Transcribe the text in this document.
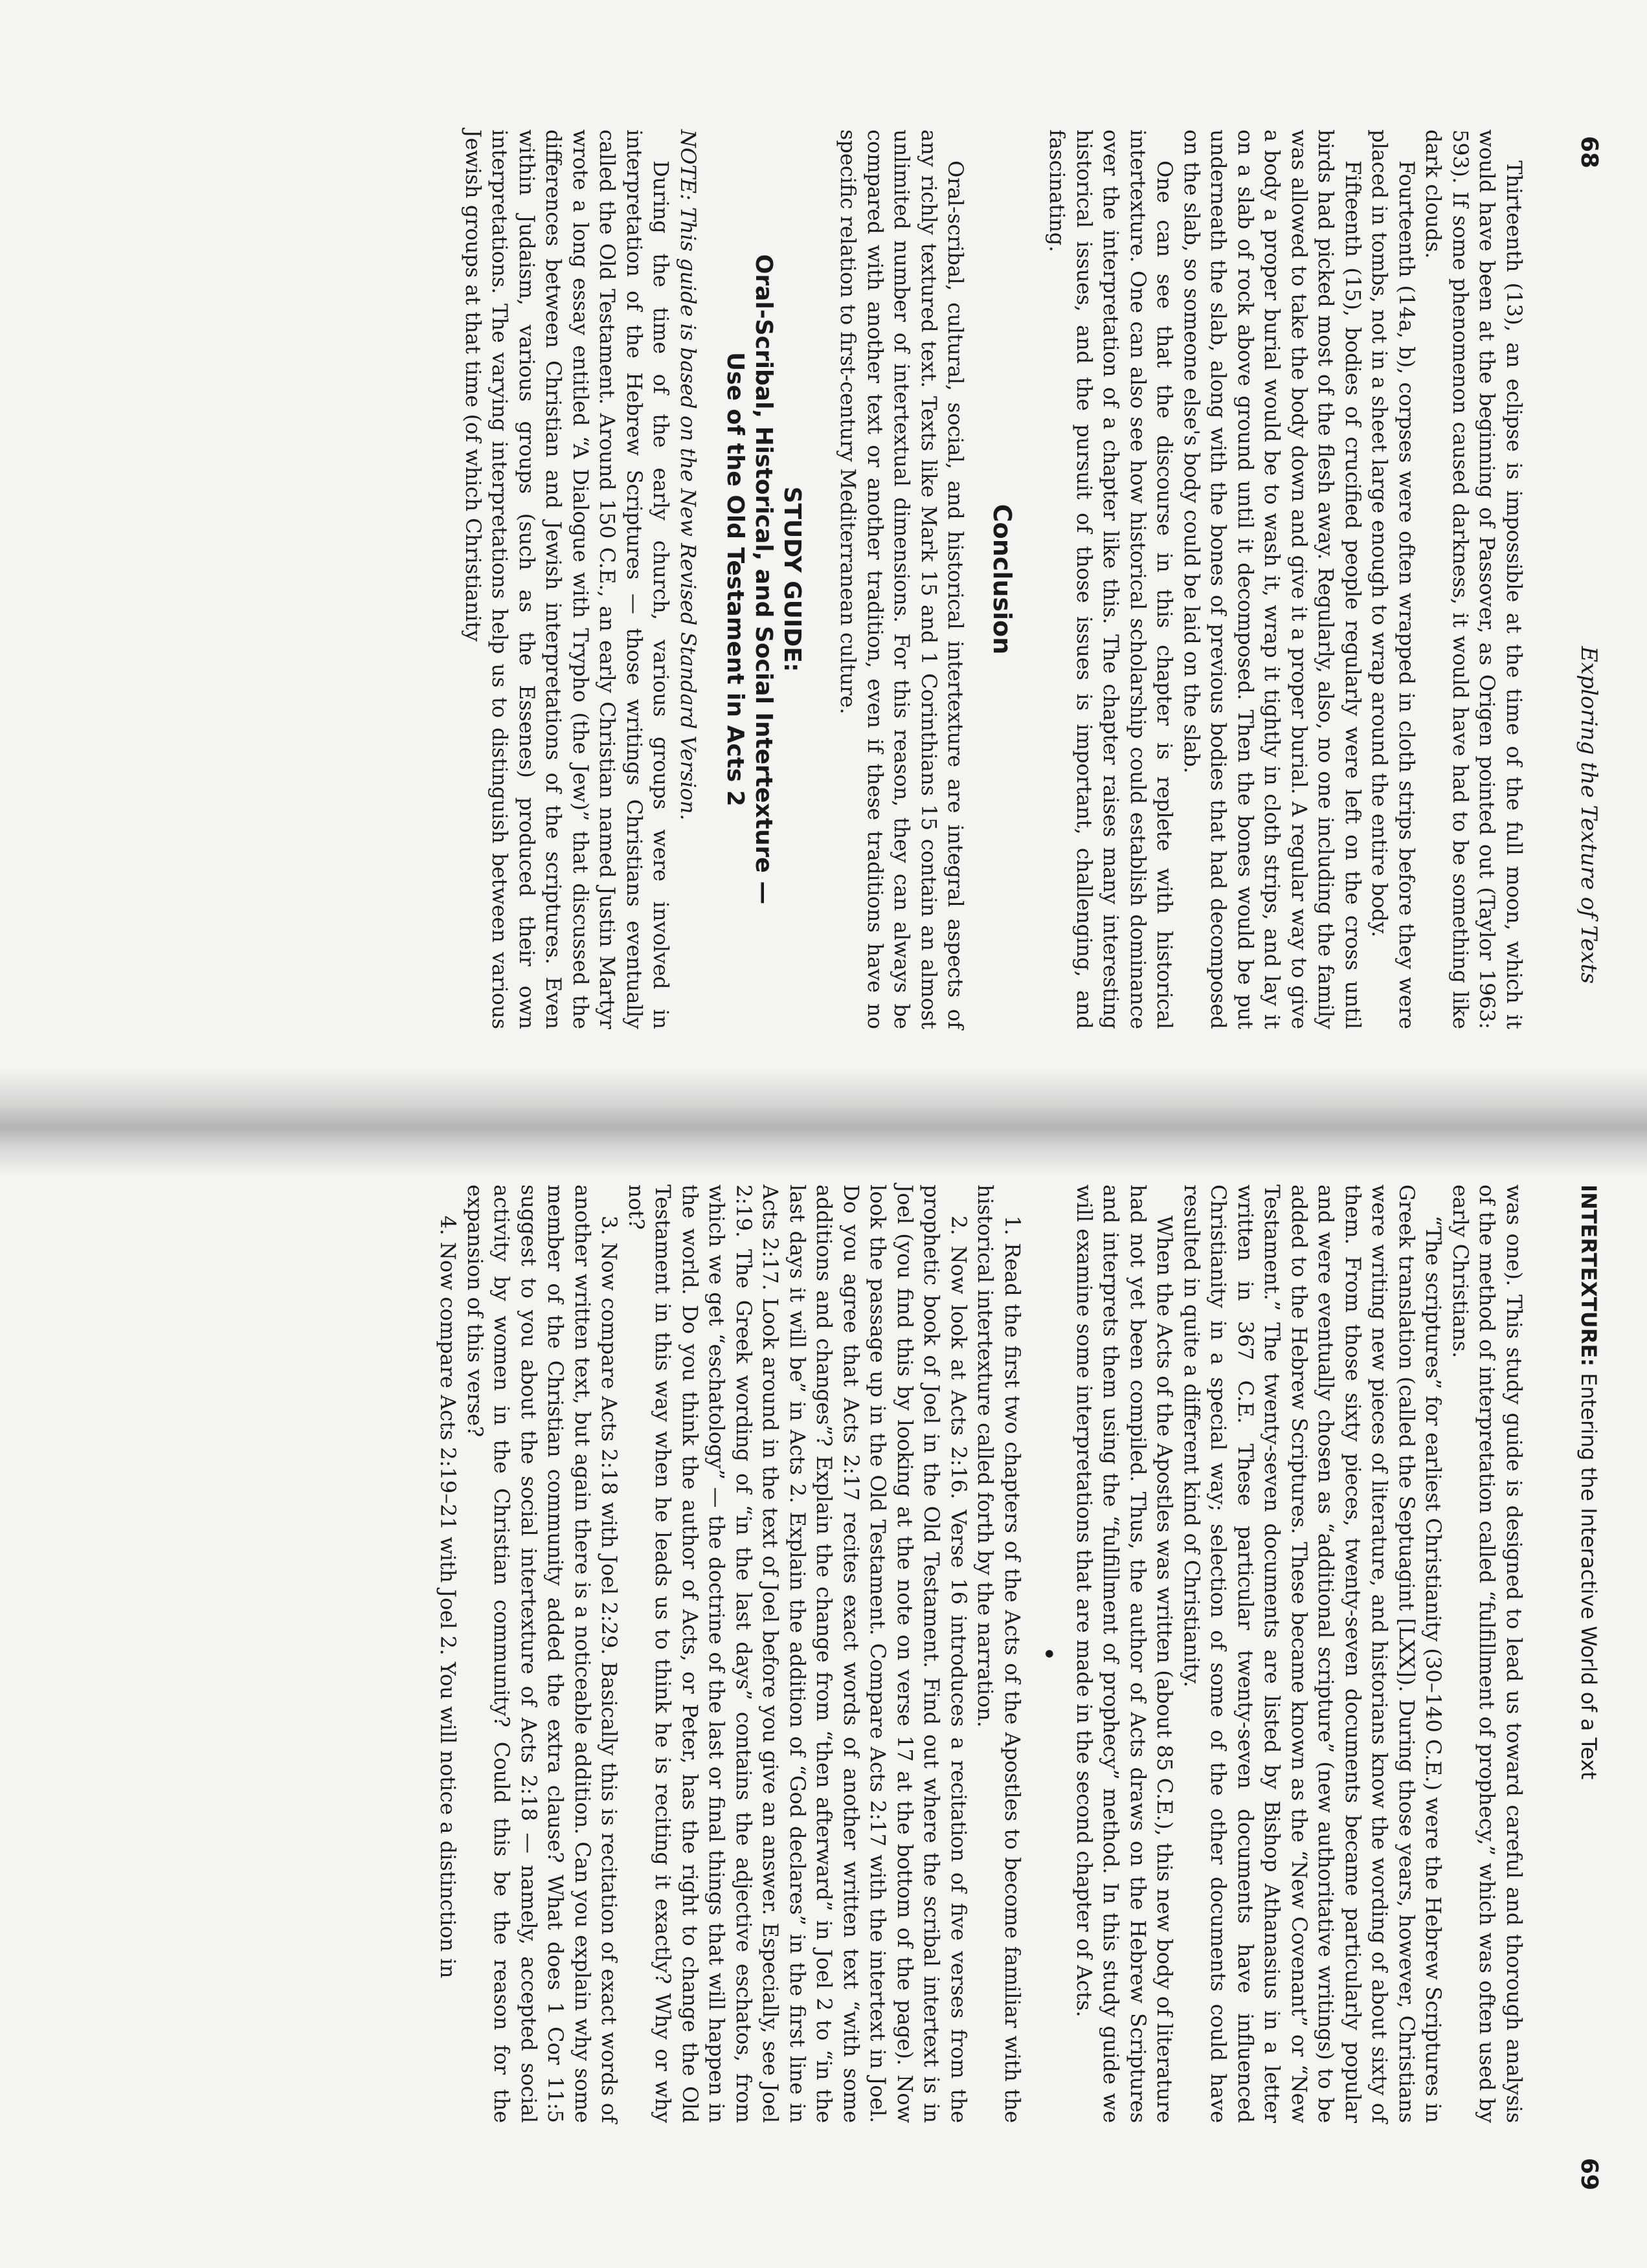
68
Exploring the Texture of Texts

Thirteenth (13), an eclipse is impossible at the time of the full moon, which it would have been at the beginning of Passover, as Origen pointed out (Taylor 1963: 593). If some phenomenon caused darkness, it would have had to be something like dark clouds.

Fourteenth (14a, b), corpses were often wrapped in cloth strips before they were placed in tombs, not in a sheet large enough to wrap around the entire body.

Fifteenth (15), bodies of crucified people regularly were left on the cross until birds had picked most of the flesh away. Regularly, also, no one including the family was allowed to take the body down and give it a proper burial. A regular way to give a body a proper burial would be to wash it, wrap it tightly in cloth strips, and lay it on a slab of rock above ground until it decomposed. Then the bones would be put underneath the slab, along with the bones of previous bodies that had decomposed on the slab, so someone else's body could be laid on the slab.

One can see that the discourse in this chapter is replete with historical intertexture. One can also see how historical scholarship could establish dominance over the interpretation of a chapter like this. The chapter raises many interesting historical issues, and the pursuit of those issues is important, challenging, and fascinating.

Conclusion

Oral-scribal, cultural, social, and historical intertexture are integral aspects of any richly textured text. Texts like Mark 15 and 1 Corinthians 15 contain an almost unlimited number of intertextual dimensions. For this reason, they can always be compared with another text or another tradition, even if these traditions have no specific relation to first-century Mediterranean culture.

STUDY GUIDE:
Oral-Scribal, Historical, and Social Intertexture —
Use of the Old Testament in Acts 2

NOTE: This guide is based on the New Revised Standard Version.

During the time of the early church, various groups were involved in interpretation of the Hebrew Scriptures — those writings Christians eventually called the Old Testament. Around 150 C.E., an early Christian named Justin Martyr wrote a long essay entitled “A Dialogue with Trypho (the Jew)” that discussed the differences between Christian and Jewish interpretations of the scriptures. Even within Judaism, various groups (such as the Essenes) produced their own interpretations. The varying interpretations help us to distinguish between various Jewish groups at that time (of which Christianity

INTERTEXTURE: Entering the Interactive World of a Text
69

was one). This study guide is designed to lead us toward careful and thorough analysis of the method of interpretation called “fulfillment of prophecy,” which was often used by early Christians.

“The scriptures” for earliest Christianity (30–140 C.E.) were the Hebrew Scriptures in Greek translation (called the Septuagint [LXX]). During those years, however, Christians were writing new pieces of literature, and historians know the wording of about sixty of them. From those sixty pieces, twenty-seven documents became particularly popular and were eventually chosen as “additional scripture” (new authoritative writings) to be added to the Hebrew Scriptures. These became known as the “New Covenant” or “New Testament.” The twenty-seven documents are listed by Bishop Athanasius in a letter written in 367 C.E. These particular twenty-seven documents have influenced Christianity in a special way; selection of some of the other documents could have resulted in quite a different kind of Christianity.

When the Acts of the Apostles was written (about 85 C.E.), this new body of literature had not yet been compiled. Thus, the author of Acts draws on the Hebrew Scriptures and interprets them using the “fulfillment of prophecy” method. In this study guide we will examine some interpretations that are made in the second chapter of Acts.

•

1. Read the first two chapters of the Acts of the Apostles to become familiar with the historical intertexture called forth by the narration.

2. Now look at Acts 2:16. Verse 16 introduces a recitation of five verses from the prophetic book of Joel in the Old Testament. Find out where the scribal intertext is in Joel (you find this by looking at the note on verse 17 at the bottom of the page). Now look the passage up in the Old Testament. Compare Acts 2:17 with the intertext in Joel. Do you agree that Acts 2:17 recites exact words of another written text “with some additions and changes”? Explain the change from “then afterward” in Joel 2 to “in the last days it will be” in Acts 2. Explain the addition of “God declares” in the first line in Acts 2:17. Look around in the text of Joel before you give an answer. Especially, see Joel 2:19. The Greek wording of “in the last days” contains the adjective eschatos, from which we get “eschatology” — the doctrine of the last or final things that will happen in the world. Do you think the author of Acts, or Peter, has the right to change the Old Testament in this way when he leads us to think he is reciting it exactly? Why or why not?

3. Now compare Acts 2:18 with Joel 2:29. Basically this is recitation of exact words of another written text, but again there is a noticeable addition. Can you explain why some member of the Christian community added the extra clause? What does 1 Cor 11:5 suggest to you about the social intertexture of Acts 2:18 — namely, accepted social activity by women in the Christian community? Could this be the reason for the expansion of this verse?

4. Now compare Acts 2:19–21 with Joel 2. You will notice a distinction in
